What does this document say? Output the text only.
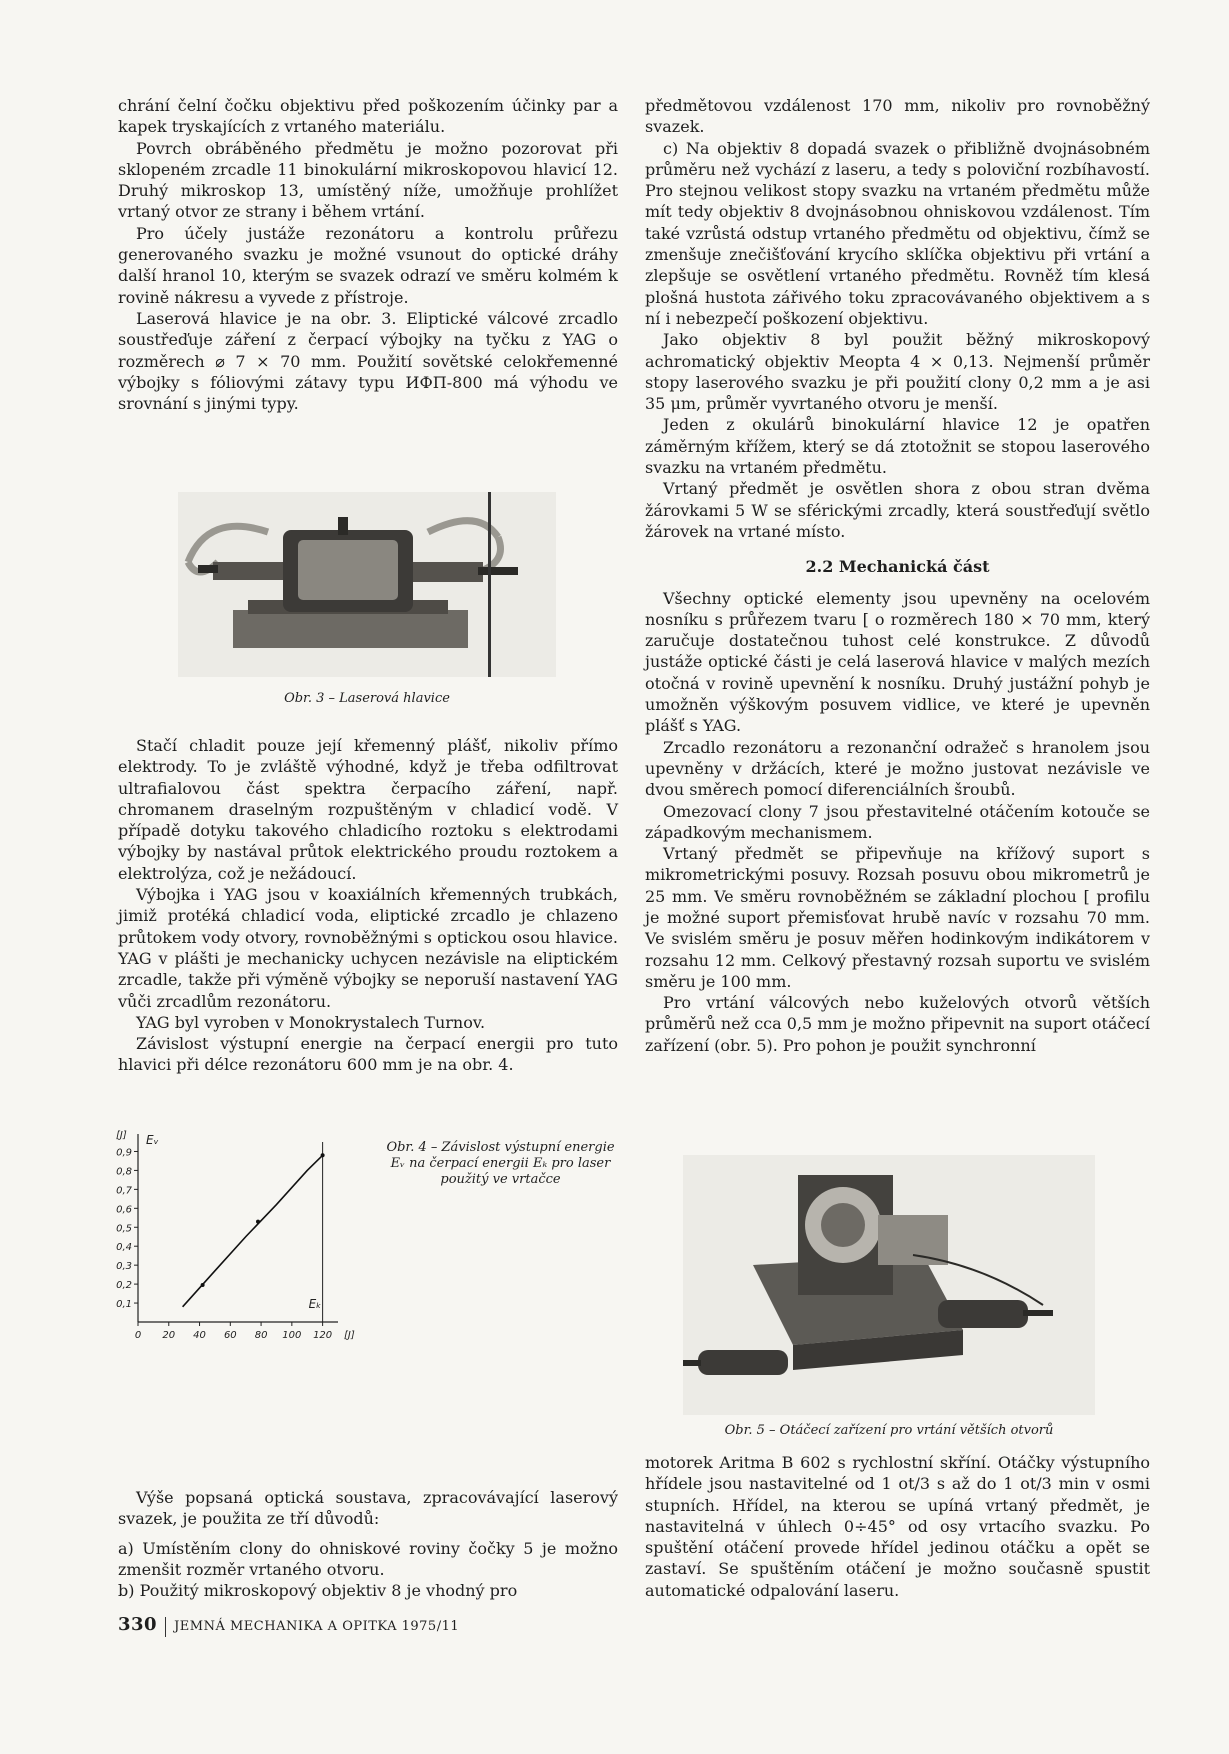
chrání čelní čočku objektivu před poškozením účinky par a kapek tryskajících z vrtaného materiálu.

Povrch obráběného předmětu je možno pozorovat při sklopeném zrcadle 11 binokulární mikroskopovou hlavicí 12. Druhý mikroskop 13, umístěný níže, umožňuje prohlížet vrtaný otvor ze strany i během vrtání.

Pro účely justáže rezonátoru a kontrolu průřezu generovaného svazku je možné vsunout do optické dráhy další hranol 10, kterým se svazek odrazí ve směru kolmém k rovině nákresu a vyvede z přístroje.

Laserová hlavice je na obr. 3. Eliptické válcové zrcadlo soustřeďuje záření z čerpací výbojky na tyčku z YAG o rozměrech ⌀ 7 × 70 mm. Použití sovětské celokřemenné výbojky s fóliovými zátavy typu ИФП-800 má výhodu ve srovnání s jinými typy.

Obr. 3 – Laserová hlavice

Stačí chladit pouze její křemenný plášť, nikoliv přímo elektrody. To je zvláště výhodné, když je třeba odfiltrovat ultrafialovou část spektra čerpacího záření, např. chromanem draselným rozpuštěným v chladicí vodě. V případě dotyku takového chladicího roztoku s elektrodami výbojky by nastával průtok elektrického proudu roztokem a elektrolýza, což je nežádoucí.

Výbojka i YAG jsou v koaxiálních křemenných trubkách, jimiž protéká chladicí voda, eliptické zrcadlo je chlazeno průtokem vody otvory, rovnoběžnými s optickou osou hlavice. YAG v plášti je mechanicky uchycen nezávisle na eliptickém zrcadle, takže při výměně výbojky se neporuší nastavení YAG vůči zrcadlům rezonátoru.

YAG byl vyroben v Monokrystalech Turnov.

Závislost výstupní energie na čerpací energii pro tuto hlavici při délce rezonátoru 600 mm je na obr. 4.

0 20 40 60 80 100 120 [J]
0,1
0,2
0,3
0,4
0,5
0,6
0,7
0,8
0,9
[J] Eᵥ
Eₖ
Obr. 4 – Závislost výstupní energie Eᵥ na čerpací energii Eₖ pro laser použitý ve vrtačce

Výše popsaná optická soustava, zpracovávající laserový svazek, je použita ze tří důvodů:

a) Umístěním clony do ohniskové roviny čočky 5 je možno zmenšit rozměr vrtaného otvoru.

b) Použitý mikroskopový objektiv 8 je vhodný pro

předmětovou vzdálenost 170 mm, nikoliv pro rovnoběžný svazek.

c) Na objektiv 8 dopadá svazek o přibližně dvojnásobném průměru než vychází z laseru, a tedy s poloviční rozbíhavostí. Pro stejnou velikost stopy svazku na vrtaném předmětu může mít tedy objektiv 8 dvojnásobnou ohniskovou vzdálenost. Tím také vzrůstá odstup vrtaného předmětu od objektivu, čímž se zmenšuje znečišťování krycího sklíčka objektivu při vrtání a zlepšuje se osvětlení vrtaného předmětu. Rovněž tím klesá plošná hustota zářivého toku zpracovávaného objektivem a s ní i nebezpečí poškození objektivu.

Jako objektiv 8 byl použit běžný mikroskopový achromatický objektiv Meopta 4 × 0,13. Nejmenší průměr stopy laserového svazku je při použití clony 0,2 mm a je asi 35 μm, průměr vyvrtaného otvoru je menší.

Jeden z okulárů binokulární hlavice 12 je opatřen záměrným křížem, který se dá ztotožnit se stopou laserového svazku na vrtaném předmětu.

Vrtaný předmět je osvětlen shora z obou stran dvěma žárovkami 5 W se sférickými zrcadly, která soustřeďují světlo žárovek na vrtané místo.

2.2 Mechanická část

Všechny optické elementy jsou upevněny na ocelovém nosníku s průřezem tvaru [ o rozměrech 180 × 70 mm, který zaručuje dostatečnou tuhost celé konstrukce. Z důvodů justáže optické části je celá laserová hlavice v malých mezích otočná v rovině upevnění k nosníku. Druhý justážní pohyb je umožněn výškovým posuvem vidlice, ve které je upevněn plášť s YAG.

Zrcadlo rezonátoru a rezonanční odražeč s hranolem jsou upevněny v držácích, které je možno justovat nezávisle ve dvou směrech pomocí diferenciálních šroubů.

Omezovací clony 7 jsou přestavitelné otáčením kotouče se západkovým mechanismem.

Vrtaný předmět se připevňuje na křížový suport s mikrometrickými posuvy. Rozsah posuvu obou mikrometrů je 25 mm. Ve směru rovnoběžném se základní plochou [ profilu je možné suport přemisťovat hrubě navíc v rozsahu 70 mm. Ve svislém směru je posuv měřen hodinkovým indikátorem v rozsahu 12 mm. Celkový přestavný rozsah suportu ve svislém směru je 100 mm.

Pro vrtání válcových nebo kuželových otvorů větších průměrů než cca 0,5 mm je možno připevnit na suport otáčecí zařízení (obr. 5). Pro pohon je použit synchronní

Obr. 5 – Otáčecí zařízení pro vrtání větších otvorů

motorek Aritma B 602 s rychlostní skříní. Otáčky výstupního hřídele jsou nastavitelné od 1 ot/3 s až do 1 ot/3 min v osmi stupních. Hřídel, na kterou se upíná vrtaný předmět, je nastavitelná v úhlech 0÷45° od osy vrtacího svazku. Po spuštění otáčení provede hřídel jedinou otáčku a opět se zastaví. Se spuštěním otáčení je možno současně spustit automatické odpalování laseru.

330 JEMNÁ MECHANIKA A OPITKA 1975/11
